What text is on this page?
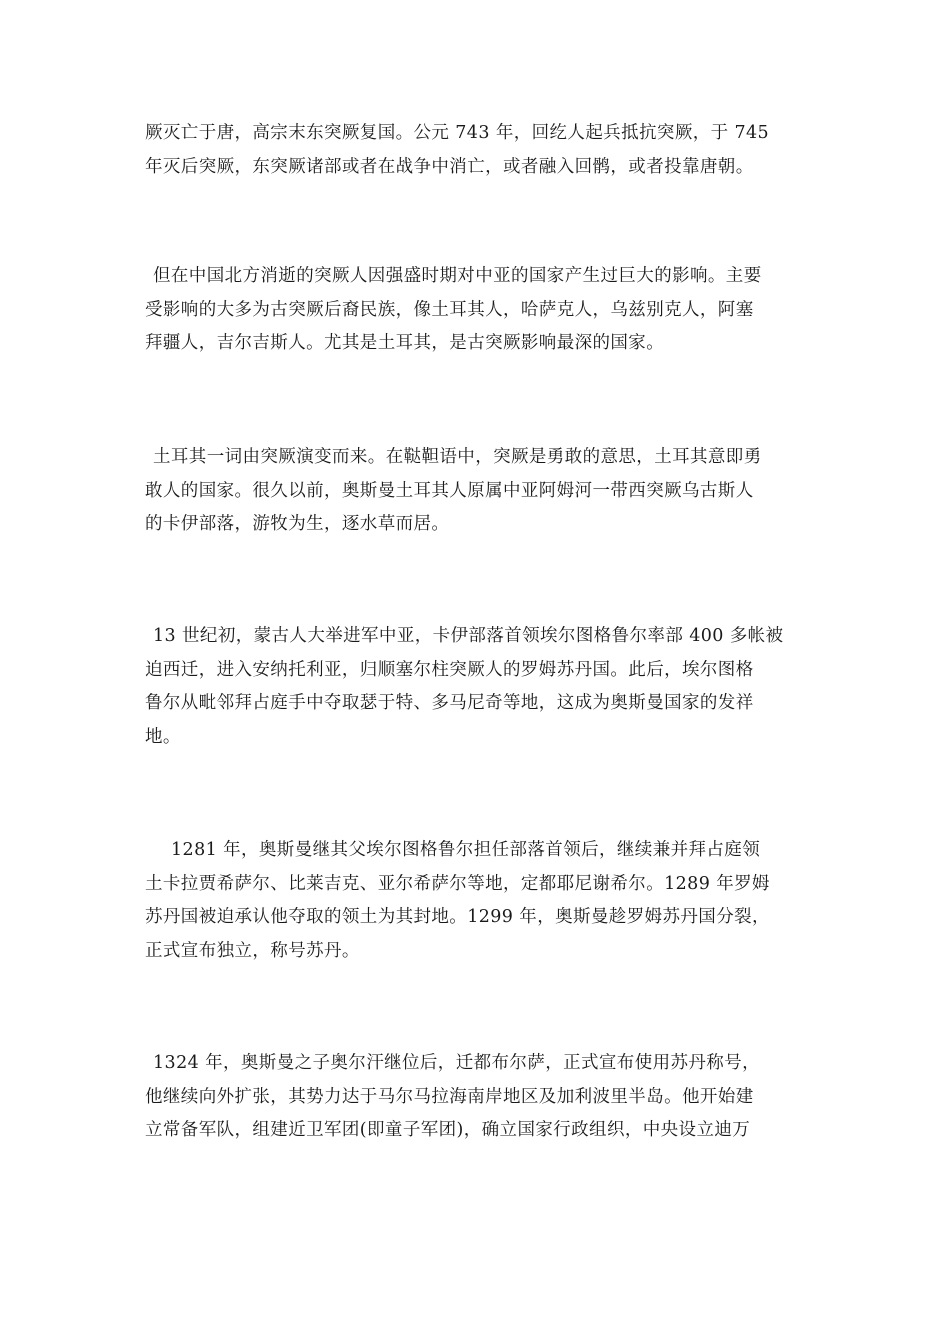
厥灭亡于唐，高宗末东突厥复国。公元 743 年，回纥人起兵抵抗突厥，于 745
年灭后突厥，东突厥诸部或者在战争中消亡，或者融入回鹘，或者投靠唐朝。

但在中国北方消逝的突厥人因强盛时期对中亚的国家产生过巨大的影响。主要
受影响的大多为古突厥后裔民族，像土耳其人，哈萨克人，乌兹别克人，阿塞
拜疆人，吉尔吉斯人。尤其是土耳其，是古突厥影响最深的国家。

土耳其一词由突厥演变而来。在鞑靼语中，突厥是勇敢的意思，土耳其意即勇
敢人的国家。很久以前，奥斯曼土耳其人原属中亚阿姆河一带西突厥乌古斯人
的卡伊部落，游牧为生，逐水草而居。

13 世纪初，蒙古人大举进军中亚，卡伊部落首领埃尔图格鲁尔率部 400 多帐被
迫西迁，进入安纳托利亚，归顺塞尔柱突厥人的罗姆苏丹国。此后，埃尔图格
鲁尔从毗邻拜占庭手中夺取瑟于特、多马尼奇等地，这成为奥斯曼国家的发祥
地。

1281 年，奥斯曼继其父埃尔图格鲁尔担任部落首领后，继续兼并拜占庭领
土卡拉贾希萨尔、比莱吉克、亚尔希萨尔等地，定都耶尼谢希尔。1289 年罗姆
苏丹国被迫承认他夺取的领土为其封地。1299 年，奥斯曼趁罗姆苏丹国分裂，
正式宣布独立，称号苏丹。

1324 年，奥斯曼之子奥尔汗继位后，迁都布尔萨，正式宣布使用苏丹称号，
他继续向外扩张，其势力达于马尔马拉海南岸地区及加利波里半岛。他开始建
立常备军队，组建近卫军团(即童子军团)，确立国家行政组织，中央设立迪万
